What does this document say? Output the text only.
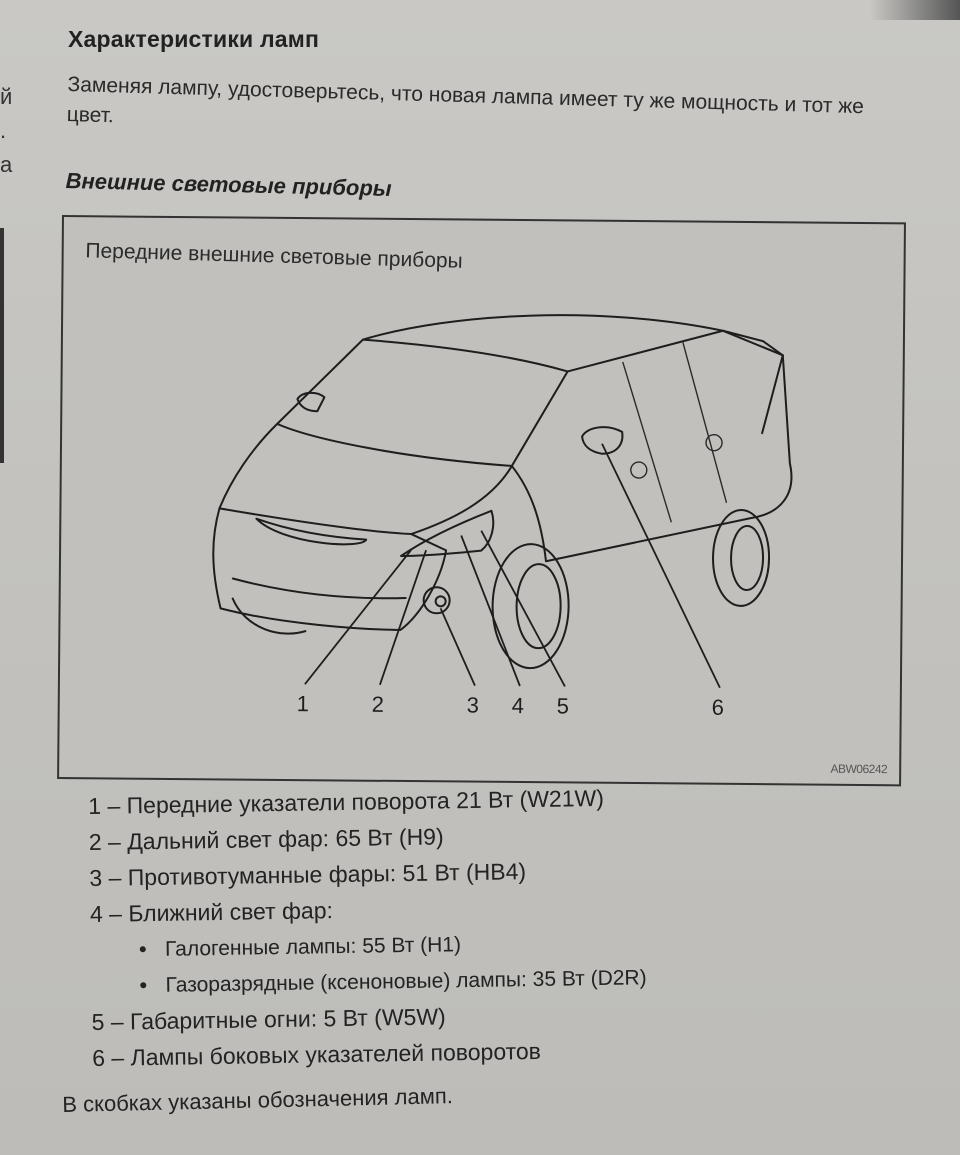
й
.
а
Характеристики ламп

Заменяя лампу, удостоверьтесь, что новая лампа имеет ту же мощность и тот же цвет.

Внешние световые приборы

Передние внешние световые приборы

1	2	3 4 5	6
ABW06242
1 – Передние указатели поворота 21 Вт (W21W)
2 – Дальний свет фар: 65 Вт (H9)
3 – Противотуманные фары: 51 Вт (HB4)
4 – Ближний свет фар:
● Галогенные лампы: 55 Вт (H1)
● Газоразрядные (ксеноновые) лампы: 35 Вт (D2R)
5 – Габаритные огни: 5 Вт (W5W)
6 – Лампы боковых указателей поворотов

В скобках указаны обозначения ламп.
